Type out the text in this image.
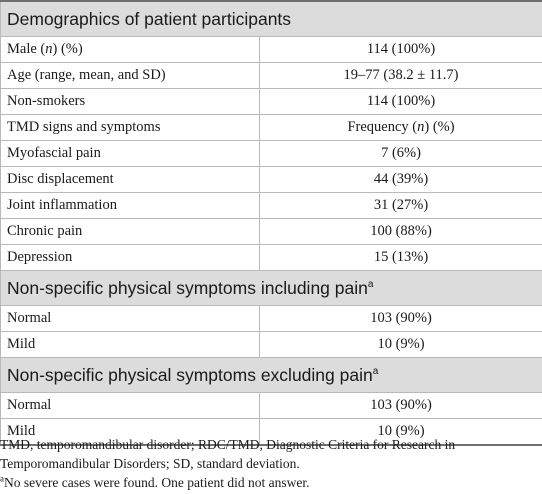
Demographics of patient participants	
Male (n) (%)	114 (100%)
Age (range, mean, and SD)	19–77 (38.2 ± 11.7)
Non-smokers	114 (100%)
TMD signs and symptoms	Frequency (n) (%)
Myofascial pain	7 (6%)
Disc displacement	44 (39%)
Joint inflammation	31 (27%)
Chronic pain	100 (88%)
Depression	15 (13%)
Non-specific physical symptoms including pain$^a$
Normal	103 (90%)
Mild	10 (9%)
Non-specific physical symptoms excluding pain$^a$
Normal	103 (90%)
Mild	10 (9%)

TMD, temporomandibular disorder; RDC/TMD, Diagnostic Criteria for Research in Temporomandibular Disorders; SD, standard deviation.

$^a$No severe cases were found. One patient did not answer.
